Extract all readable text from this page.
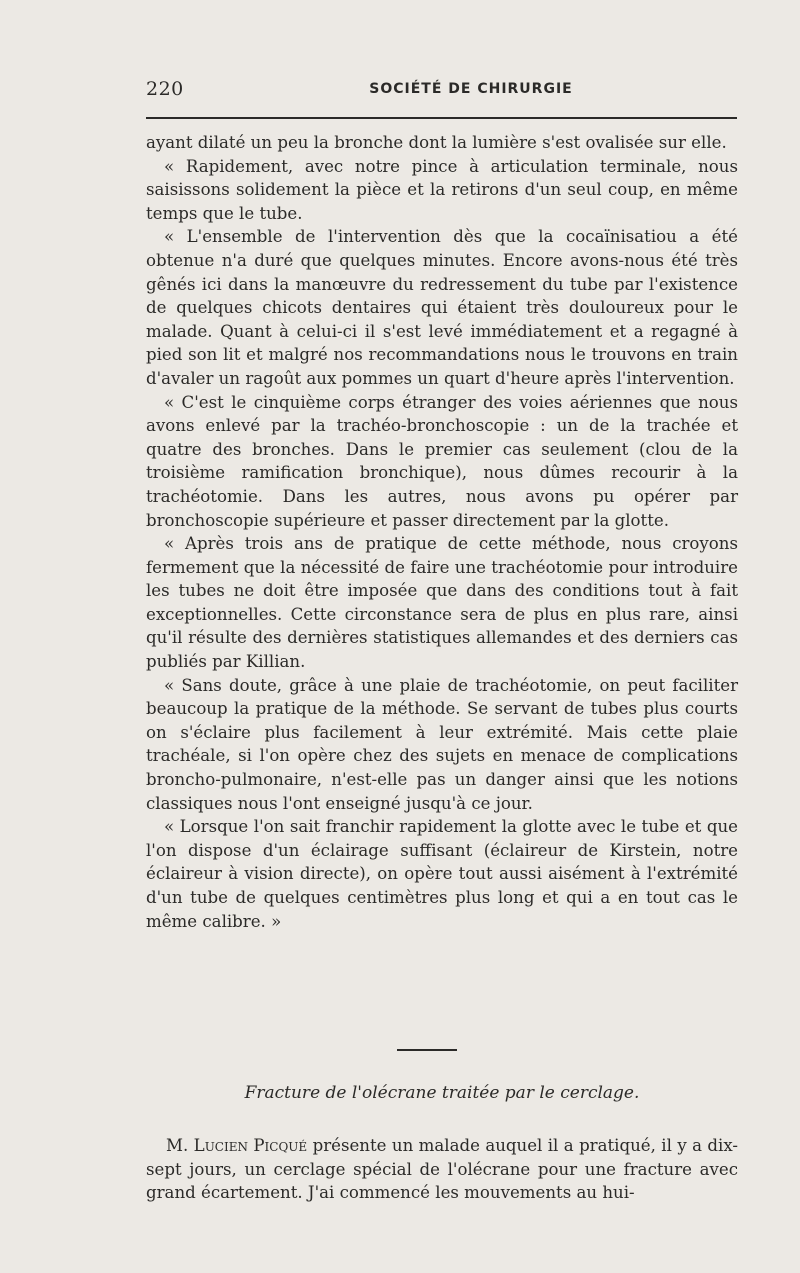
220	SOCIÉTÉ DE CHIRURGIE

ayant dilaté un peu la bronche dont la lumière s'est ovalisée sur elle.

« Rapidement, avec notre pince à articulation terminale, nous saisissons solidement la pièce et la retirons d'un seul coup, en même temps que le tube.

« L'ensemble de l'intervention dès que la cocaïnisatiou a été obtenue n'a duré que quelques minutes. Encore avons-nous été très gênés ici dans la manœuvre du redressement du tube par l'existence de quelques chicots dentaires qui étaient très douloureux pour le malade. Quant à celui-ci il s'est levé immédiatement et a regagné à pied son lit et malgré nos recommandations nous le trouvons en train d'avaler un ragoût aux pommes un quart d'heure après l'intervention.

« C'est le cinquième corps étranger des voies aériennes que nous avons enlevé par la trachéo-bronchoscopie : un de la trachée et quatre des bronches. Dans le premier cas seulement (clou de la troisième ramification bronchique), nous dûmes recourir à la trachéotomie. Dans les autres, nous avons pu opérer par bronchoscopie supérieure et passer directement par la glotte.

« Après trois ans de pratique de cette méthode, nous croyons fermement que la nécessité de faire une trachéotomie pour introduire les tubes ne doit être imposée que dans des conditions tout à fait exceptionnelles. Cette circonstance sera de plus en plus rare, ainsi qu'il résulte des dernières statistiques allemandes et des derniers cas publiés par Killian.

« Sans doute, grâce à une plaie de trachéotomie, on peut faciliter beaucoup la pratique de la méthode. Se servant de tubes plus courts on s'éclaire plus facilement à leur extrémité. Mais cette plaie trachéale, si l'on opère chez des sujets en menace de complications broncho-pulmonaire, n'est-elle pas un danger ainsi que les notions classiques nous l'ont enseigné jusqu'à ce jour.

« Lorsque l'on sait franchir rapidement la glotte avec le tube et que l'on dispose d'un éclairage suffisant (éclaireur de Kirstein, notre éclaireur à vision directe), on opère tout aussi aisément à l'extrémité d'un tube de quelques centimètres plus long et qui a en tout cas le même calibre. »

Fracture de l'olécrane traitée par le cerclage.

M. Lucien Picqué présente un malade auquel il a pratiqué, il y a dix-sept jours, un cerclage spécial de l'olécrane pour une fracture avec grand écartement. J'ai commencé les mouvements au hui-
